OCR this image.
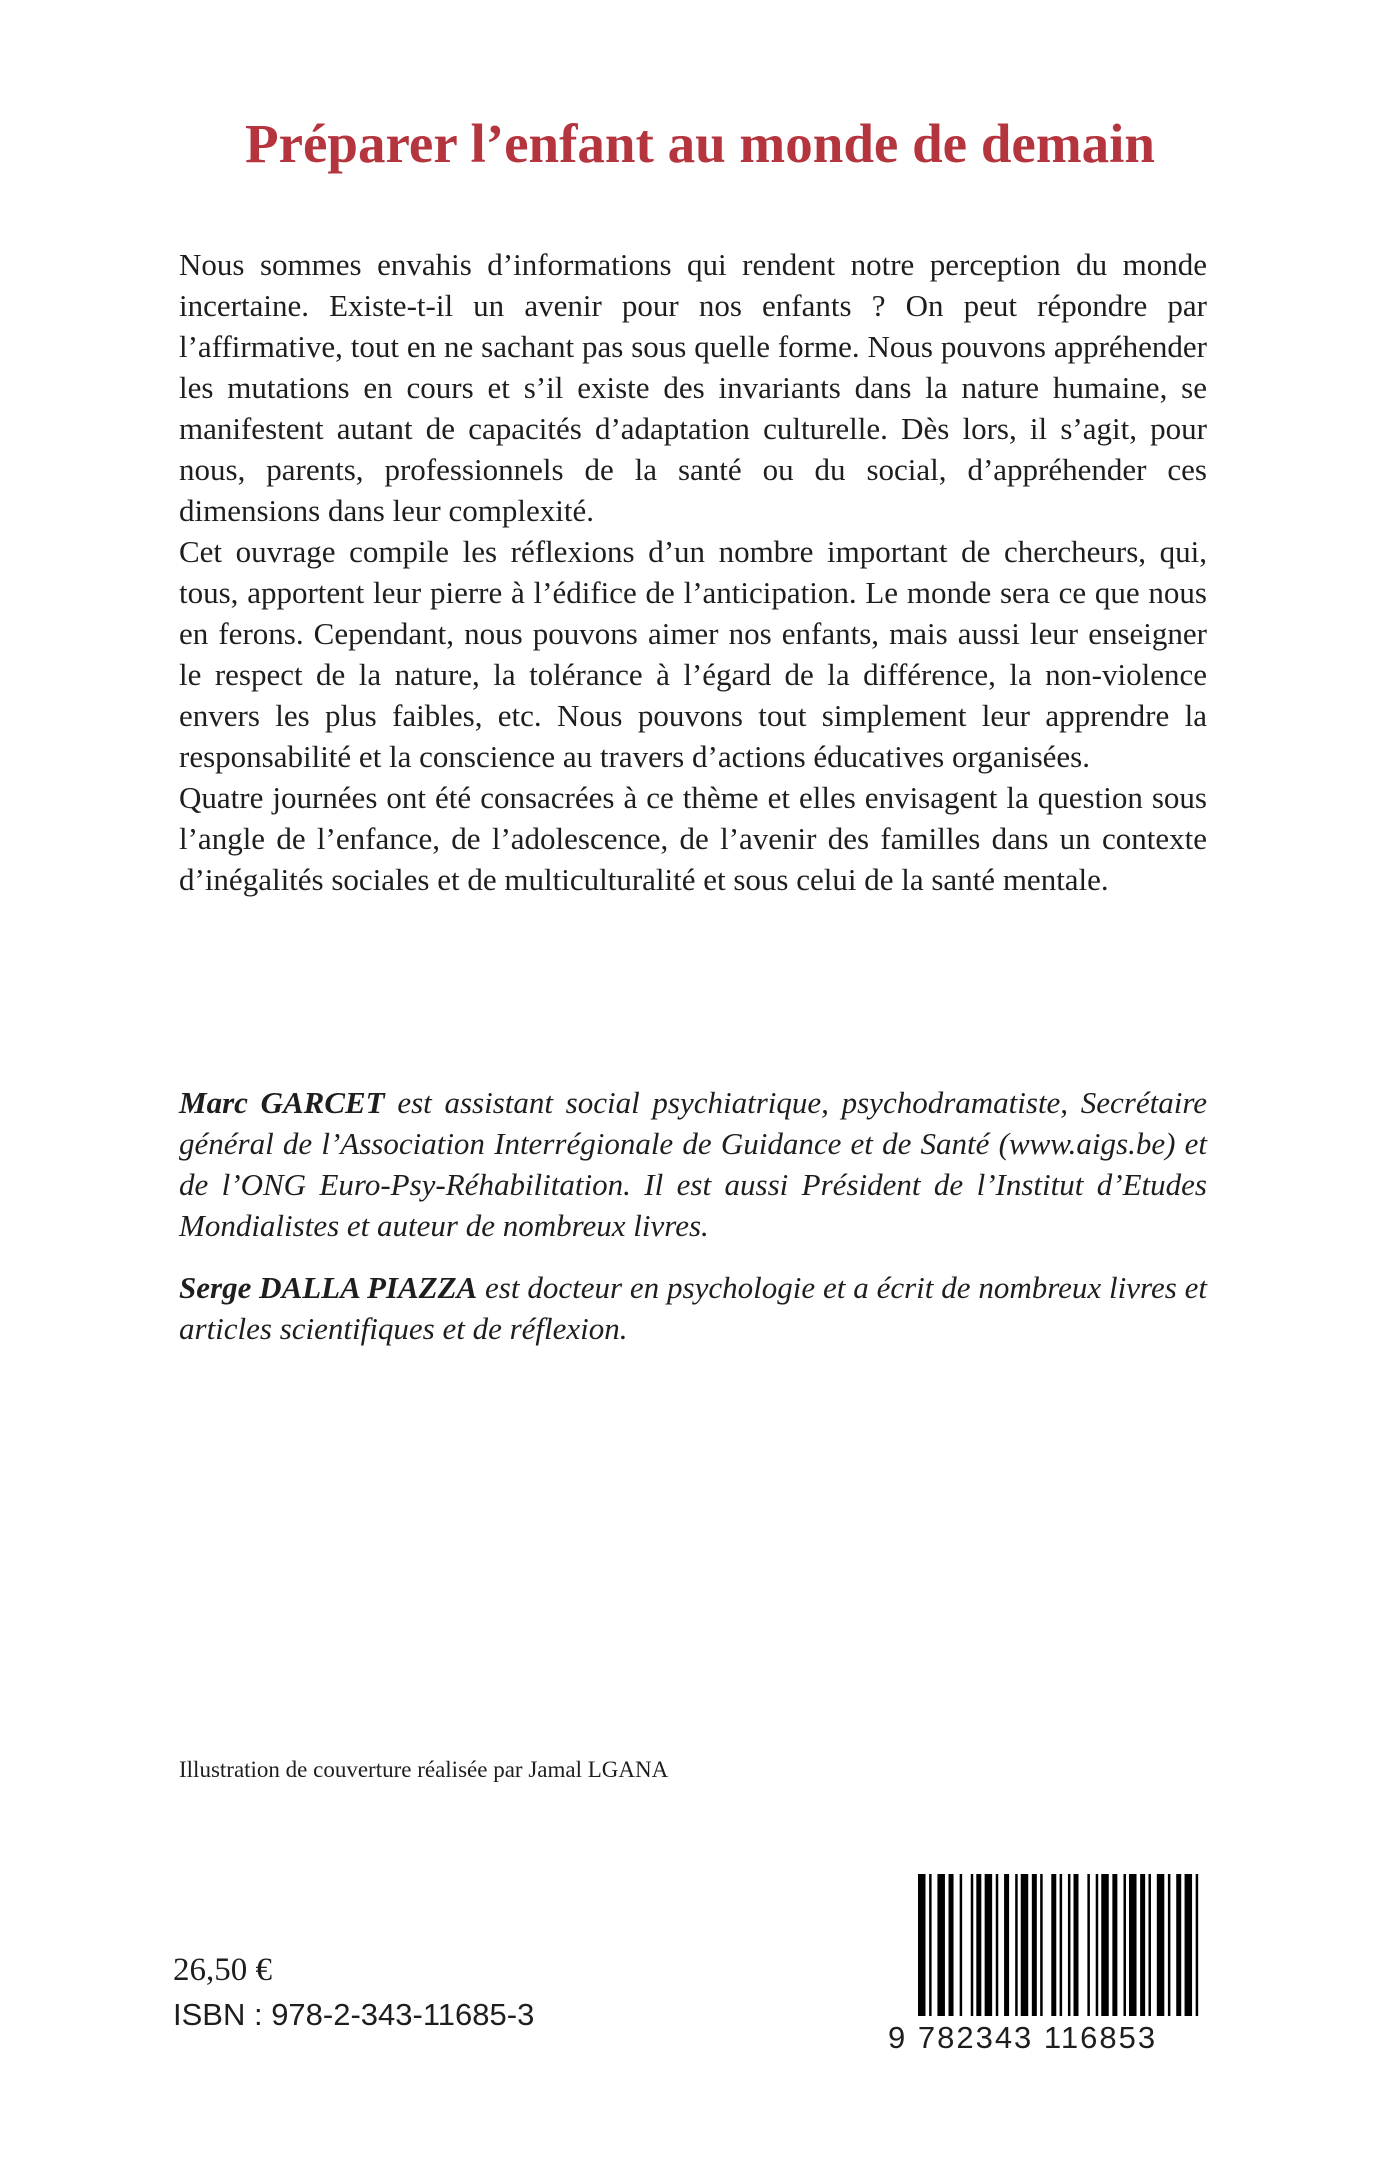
Préparer l’enfant au monde de demain

Nous sommes envahis d’informations qui rendent notre perception du monde incertaine. Existe-t-il un avenir pour nos enfants ? On peut répondre par l’affirmative, tout en ne sachant pas sous quelle forme. Nous pouvons appréhender les mutations en cours et s’il existe des invariants dans la nature humaine, se manifestent autant de capacités d’adaptation culturelle. Dès lors, il s’agit, pour nous, parents, professionnels de la santé ou du social, d’appréhender ces dimensions dans leur complexité.

Cet ouvrage compile les réflexions d’un nombre important de chercheurs, qui, tous, apportent leur pierre à l’édifice de l’anticipation. Le monde sera ce que nous en ferons. Cependant, nous pouvons aimer nos enfants, mais aussi leur enseigner le respect de la nature, la tolérance à l’égard de la différence, la non-violence envers les plus faibles, etc. Nous pouvons tout simplement leur apprendre la responsabilité et la conscience au travers d’actions éducatives organisées.

Quatre journées ont été consacrées à ce thème et elles envisagent la question sous l’angle de l’enfance, de l’adolescence, de l’avenir des familles dans un contexte d’inégalités sociales et de multiculturalité et sous celui de la santé mentale.

Marc GARCET est assistant social psychiatrique, psychodramatiste, Secrétaire général de l’Association Interrégionale de Guidance et de Santé (www.aigs.be) et de l’ONG Euro-Psy-Réhabilitation. Il est aussi Président de l’Institut d’Etudes Mondialistes et auteur de nombreux livres.

Serge DALLA PIAZZA est docteur en psychologie et a écrit de nombreux livres et articles scientifiques et de réflexion.

Illustration de couverture réalisée par Jamal LGANA

26,50 €

ISBN : 978-2-343-11685-3

9 782343 116853
